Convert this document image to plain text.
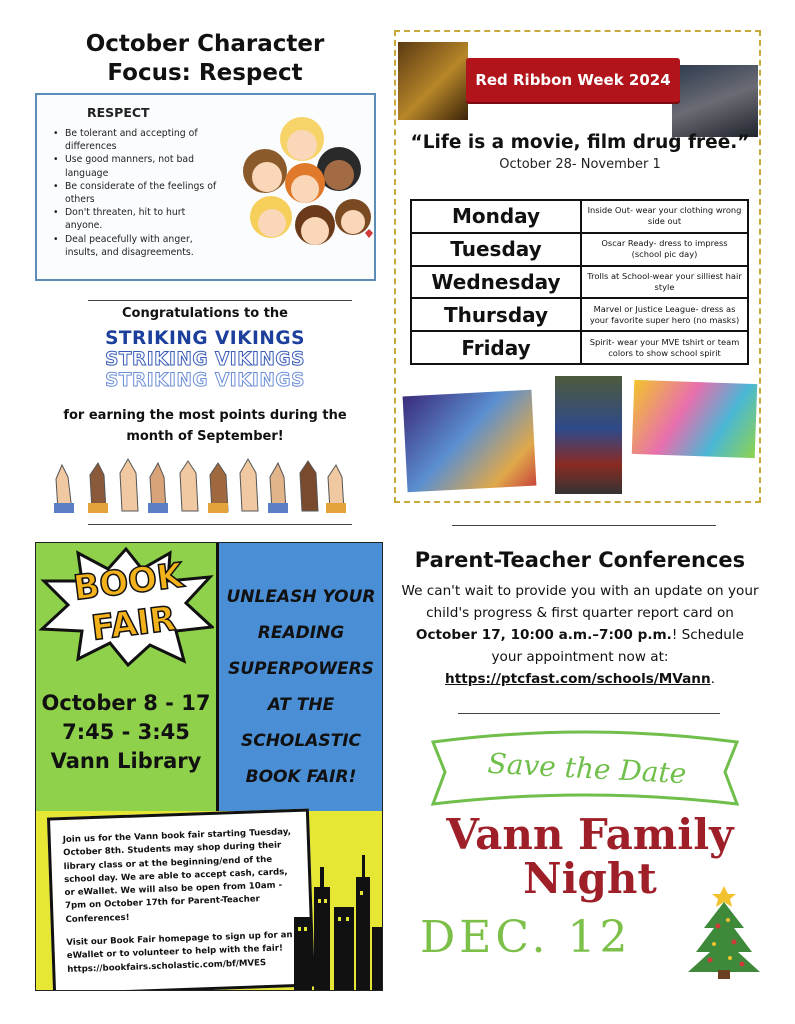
October Character Focus: Respect
RESPECT
• Be tolerant and accepting of differences
• Use good manners, not bad language
• Be considerate of the feelings of others
• Don't threaten, hit to hurt anyone.
• Deal peacefully with anger, insults, and disagreements.
Congratulations to the
STRIKING VIKINGS
STRIKING VIKINGS
STRIKING VIKINGS
for earning the most points during the month of September!
Red Ribbon Week 2024
“Life is a movie, film drug free.”
October 28- November 1
Monday	Inside Out- wear your clothing wrong side out
Tuesday	Oscar Ready- dress to impress (school pic day)
Wednesday	Trolls at School-wear your silliest hair style
Thursday	Marvel or Justice League- dress as your favorite super hero (no masks)
Friday	Spirit- wear your MVE tshirt or team colors to show school spirit
BOOK FAIR
October 8 - 17
7:45 - 3:45
Vann Library
UNLEASH YOUR READING SUPERPOWERS AT THE SCHOLASTIC BOOK FAIR!

Join us for the Vann book fair starting Tuesday, October 8th. Students may shop during their library class or at the beginning/end of the school day. We are able to accept cash, cards, or eWallet. We will also be open from 10am - 7pm on October 17th for Parent-Teacher Conferences!

Visit our Book Fair homepage to sign up for an eWallet or to volunteer to help with the fair! https://bookfairs.scholastic.com/bf/MVES

Parent-Teacher Conferences
We can't wait to provide you with an update on your child's progress & first quarter report card on October 17, 10:00 a.m.–7:00 p.m.! Schedule your appointment now at: https://ptcfast.com/schools/MVann.
Save the Date
Vann Family
Night
DEC. 12
